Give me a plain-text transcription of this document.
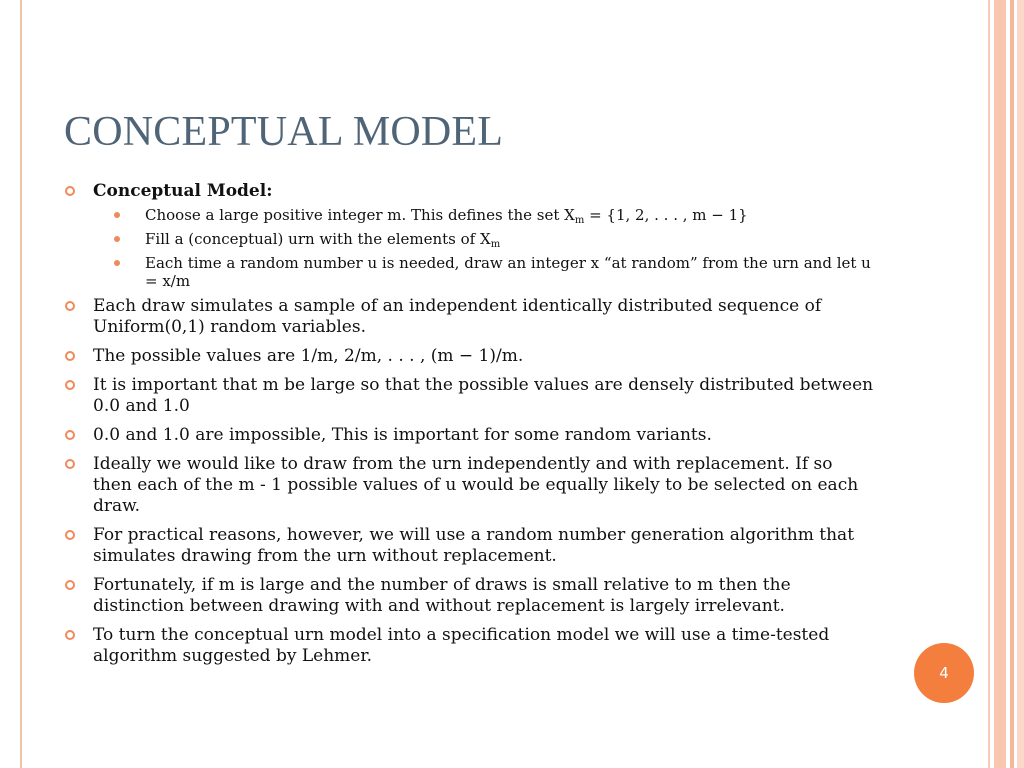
CONCEPTUAL MODEL
Conceptual Model:
Choose a large positive integer m. This defines the set $X_m = \{1$, 2, . . . , m − 1}
Fill a (conceptual) urn with the elements of $X_m$
Each time a random number u is needed, draw an integer x “at random” from the urn and let u = x/m
Each draw simulates a sample of an independent identically distributed sequence of Uniform(0,1) random variables.
The possible values are 1/m, 2/m, . . . , (m − 1)/m.
It is important that m be large so that the possible values are densely distributed between 0.0 and 1.0
0.0 and 1.0 are impossible, This is important for some random variants.
Ideally we would like to draw from the urn independently and with replacement. If so then each of the m - 1 possible values of u would be equally likely to be selected on each draw.
For practical reasons, however, we will use a random number generation algorithm that simulates drawing from the urn without replacement.
Fortunately, if m is large and the number of draws is small relative to m then the distinction between drawing with and without replacement is largely irrelevant.
To turn the conceptual urn model into a specification model we will use a time-tested algorithm suggested by Lehmer.
4
